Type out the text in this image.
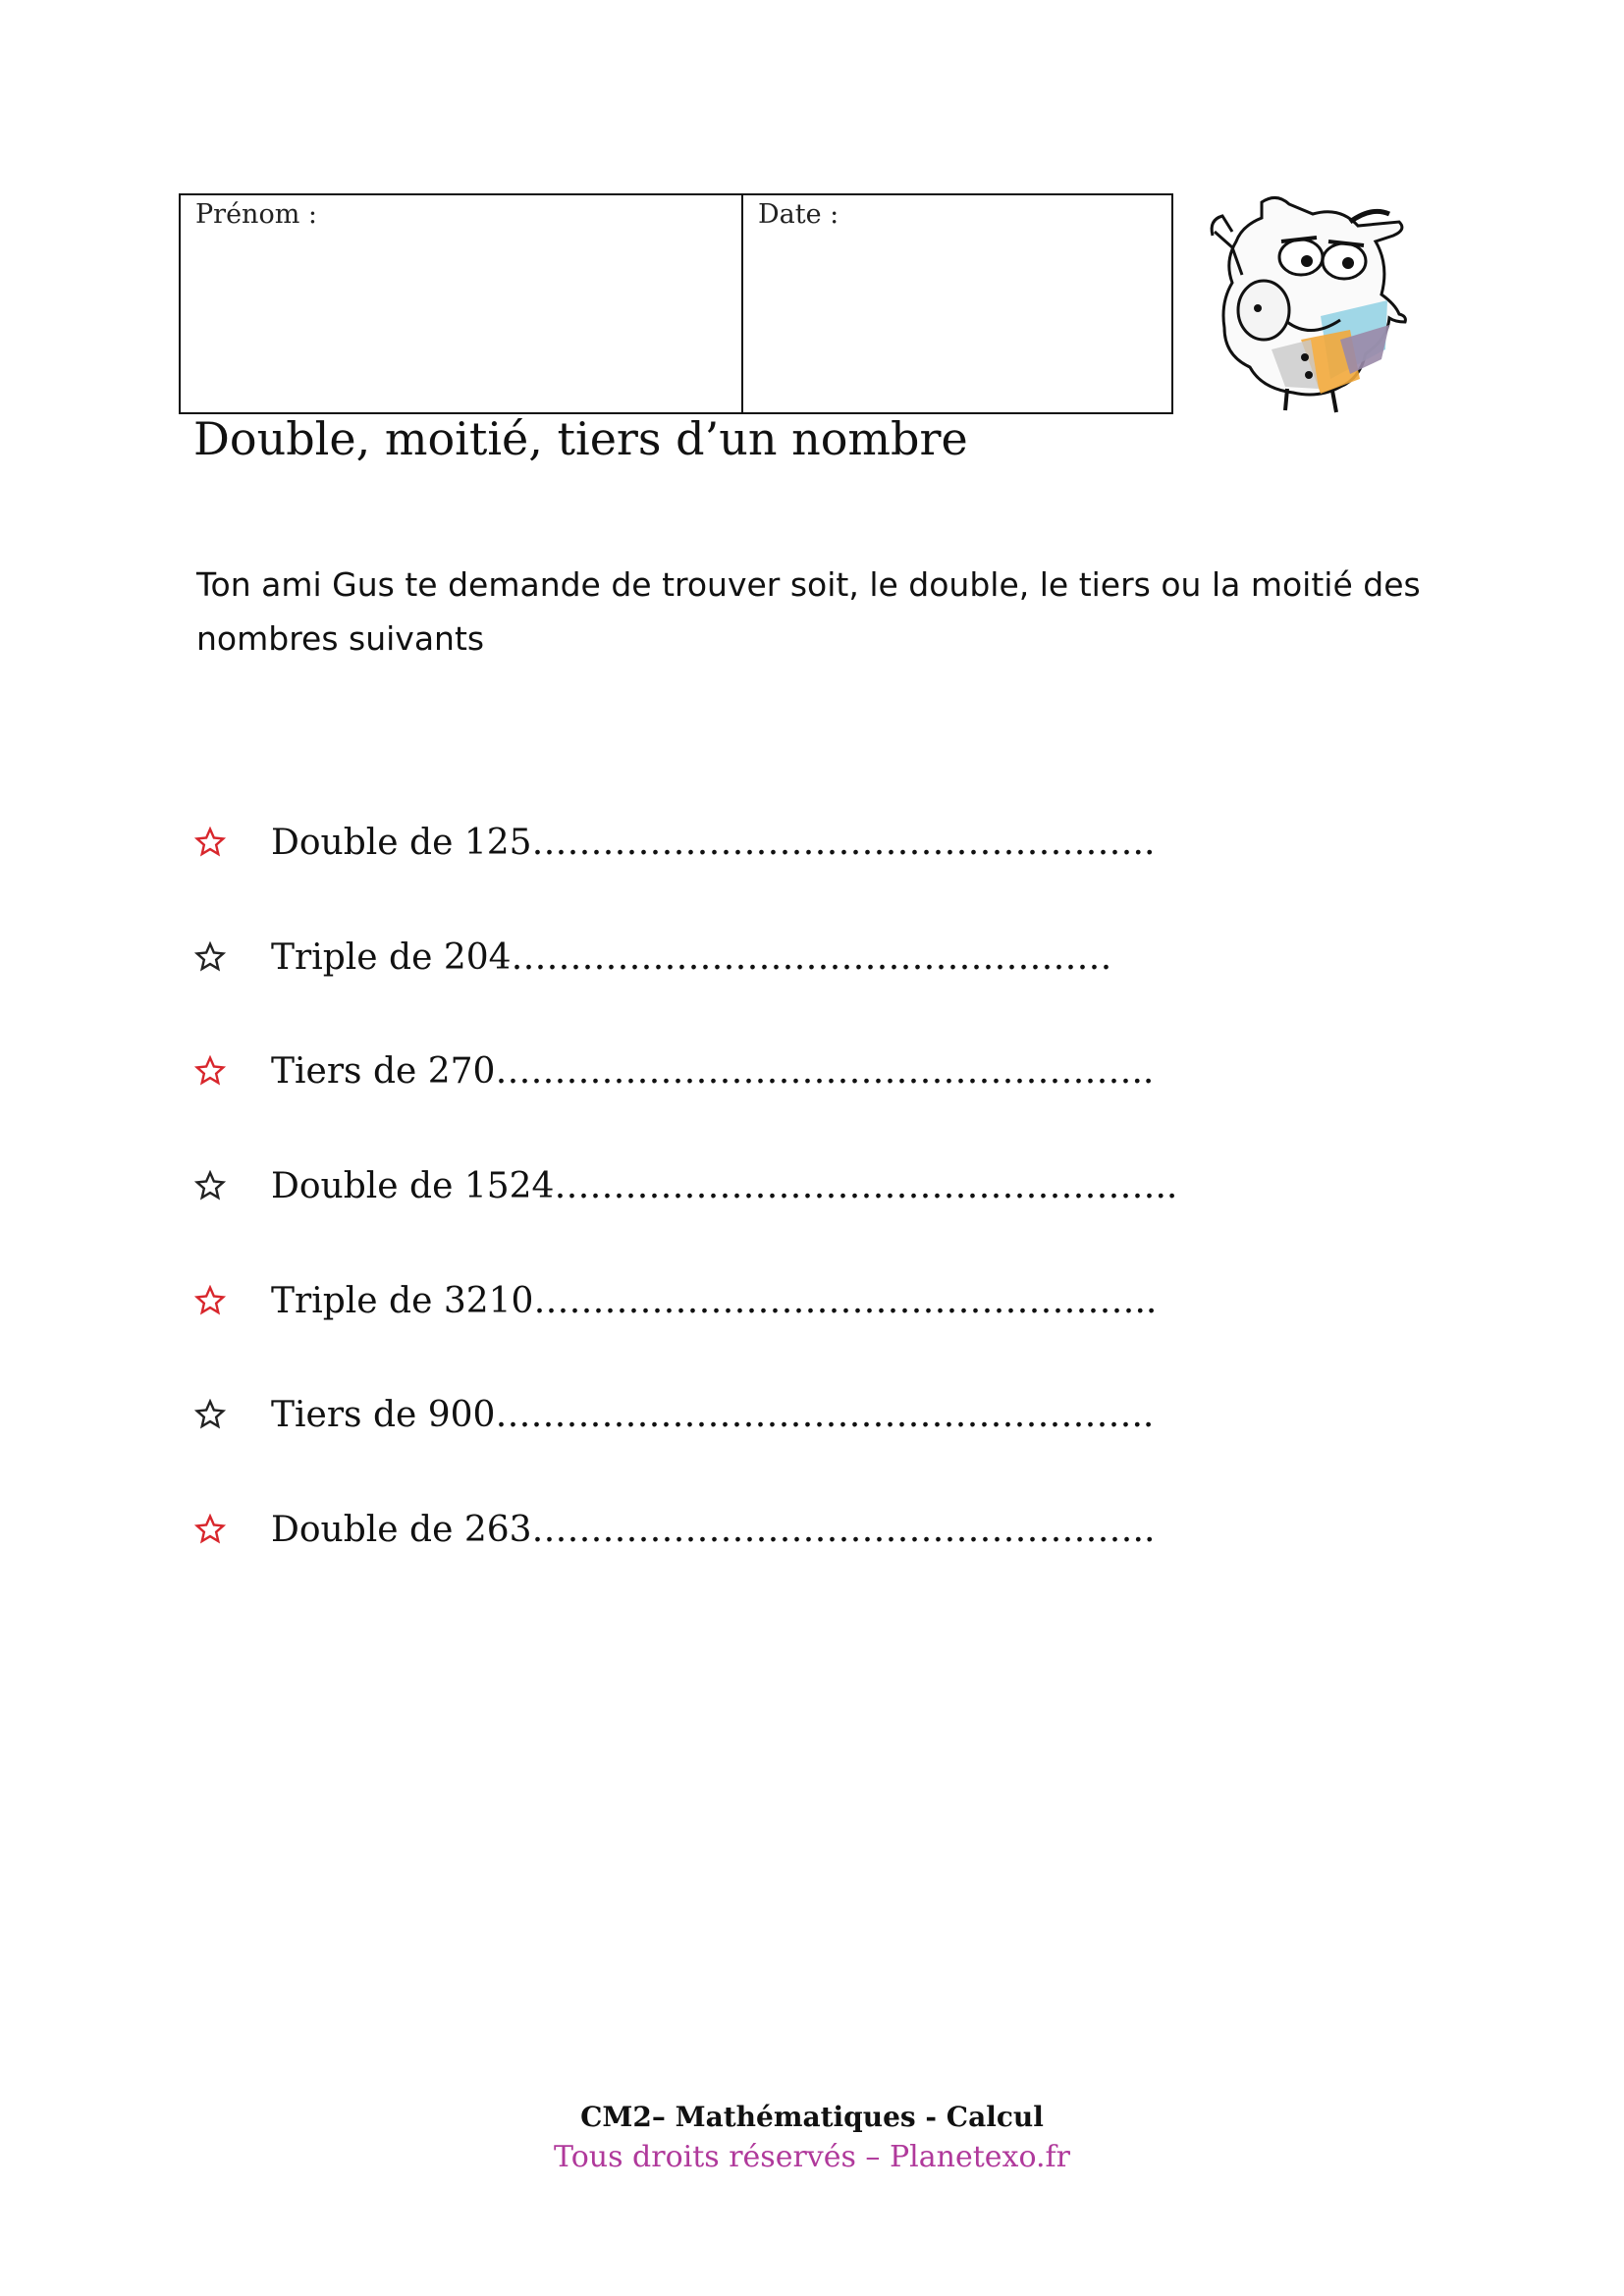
Prénom :	Date :
Double, moitié, tiers d’un nombre
Ton ami Gus te demande de trouver soit, le double, le tiers ou la moitié des nombres suivants
Double de 125 ……………………………………………..
Triple de 204 ……………………………………………
Tiers de 270 ………………………………………………..
Double de 1524 ……………………………………………..
Triple de 3210 ……………………………………………..
Tiers de 900 ………………………………………………..
Double de 263 ……………………………………………..
CM2– Mathématiques - Calcul
Tous droits réservés – Planetexo.fr
